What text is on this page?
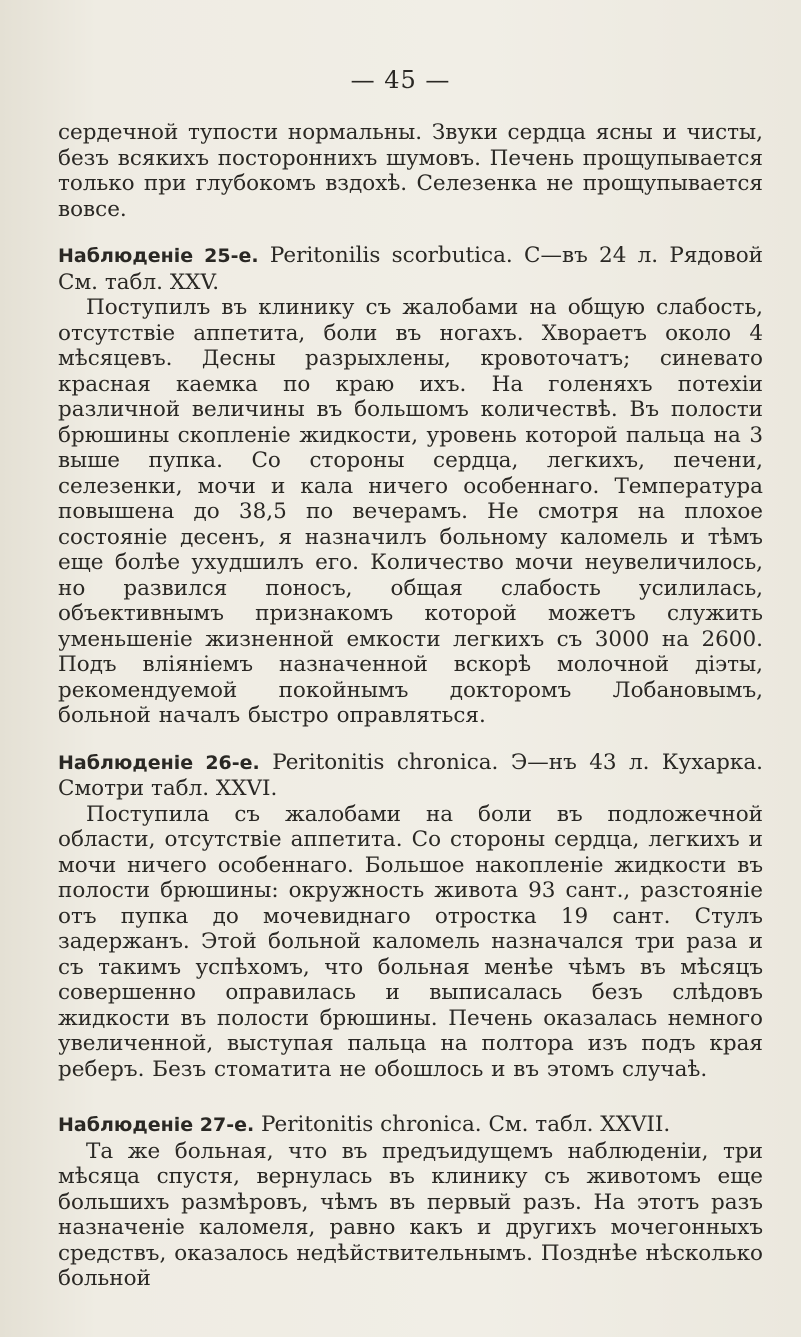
— 45 —

сердечной тупости нормальны. Звуки сердца ясны и чисты, безъ всякихъ постороннихъ шумовъ. Печень прощупывается только при глубокомъ вздохѣ. Селезенка не прощупывается вовсе.

Наблюденіе 25-е. Peritonilis scorbutica. С—въ 24 л. Рядовой См. табл. XXV.

Поступилъ въ клинику съ жалобами на общую слабость, отсутствіе аппетита, боли въ ногахъ. Хвораетъ около 4 мѣсяцевъ. Десны разрыхлены, кровоточатъ; синевато красная каемка по краю ихъ. На голеняхъ потехіи различной величины въ большомъ количествѣ. Въ полости брюшины скопленіе жидкости, уровень которой пальца на 3 выше пупка. Со стороны сердца, легкихъ, печени, селезенки, мочи и кала ничего особеннаго. Температура повышена до 38,5 по вечерамъ. Не смотря на плохое состояніе десенъ, я назначилъ больному каломель и тѣмъ еще болѣе ухудшилъ его. Количество мочи неувеличилось, но развился поносъ, общая слабость усилилась, объективнымъ признакомъ которой можетъ служить уменьшеніе жизненной емкости легкихъ съ 3000 на 2600. Подъ вліяніемъ назначенной вскорѣ молочной діэты, рекомендуемой покойнымъ докторомъ Лобановымъ, больной началъ быстро оправляться.

Наблюденіе 26-е. Peritonitis chronica. Э—нъ 43 л. Кухарка. Смотри табл. XXVI.

Поступила съ жалобами на боли въ подложечной области, отсутствіе аппетита. Со стороны сердца, легкихъ и мочи ничего особеннаго. Большое накопленіе жидкости въ полости брюшины: окружность живота 93 сант., разстояніе отъ пупка до мочевиднаго отростка 19 сант. Стулъ задержанъ. Этой больной каломель назначался три раза и съ такимъ успѣхомъ, что больная менѣе чѣмъ въ мѣсяцъ совершенно оправилась и выписалась безъ слѣдовъ жидкости въ полости брюшины. Печень оказалась немного увеличенной, выступая пальца на полтора изъ подъ края реберъ. Безъ стоматита не обошлось и въ этомъ случаѣ.

Наблюденіе 27-е. Peritonitis chronica. См. табл. XXVII.

Та же больная, что въ предъидущемъ наблюденіи, три мѣсяца спустя, вернулась въ клинику съ животомъ еще большихъ размѣровъ, чѣмъ въ первый разъ. На этотъ разъ назначеніе каломеля, равно какъ и другихъ мочегонныхъ средствъ, оказалось недѣйствительнымъ. Позднѣе нѣсколько больной
